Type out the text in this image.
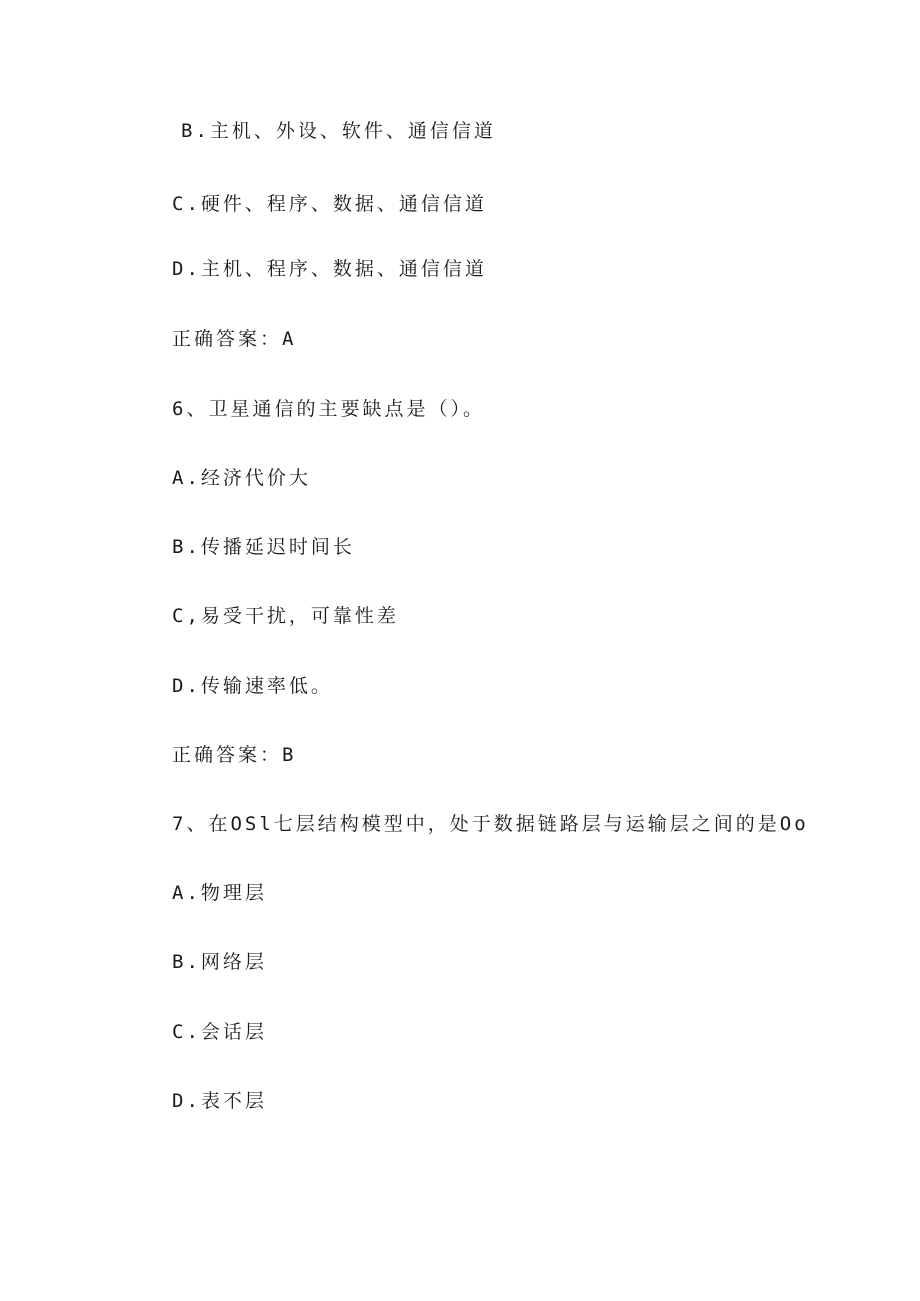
B.主机、外设、软件、通信信道
C.硬件、程序、数据、通信信道
D.主机、程序、数据、通信信道
正确答案：A
6、卫星通信的主要缺点是（）。
A.经济代价大
B.传播延迟时间长
C,易受干扰，可靠性差
D.传输速率低。
正确答案：B
7、在OSl七层结构模型中，处于数据链路层与运输层之间的是Oo
A.物理层
B.网络层
C.会话层
D.表不层
